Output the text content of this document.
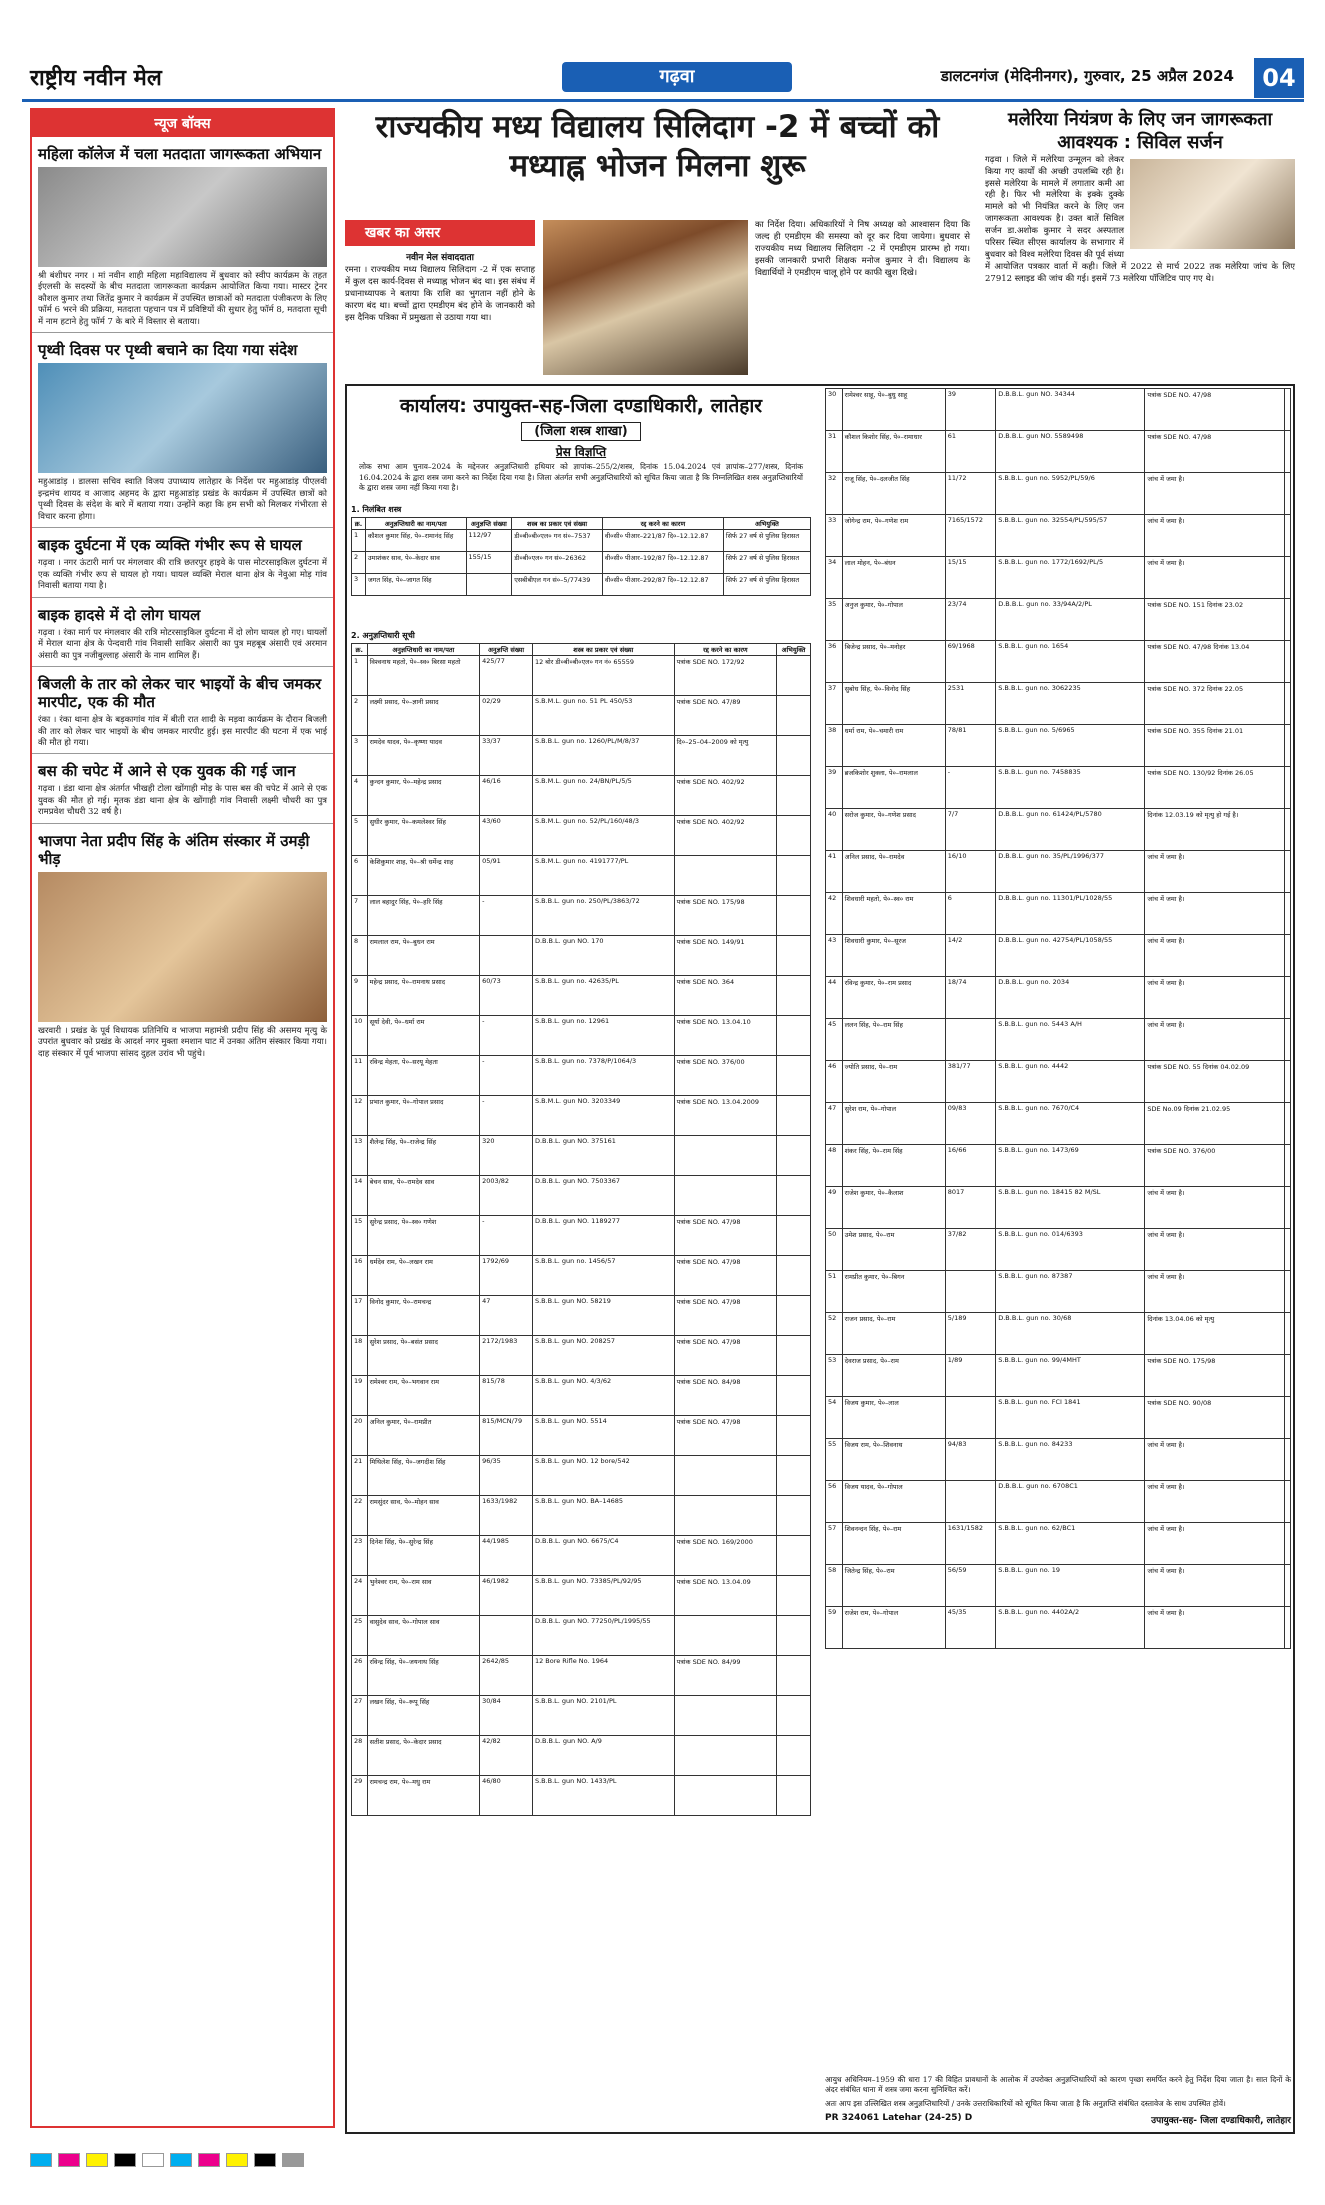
राष्ट्रीय नवीन मेल	गढ़वा	डालटनगंज (मेदिनीनगर), गुरुवार, 25 अप्रैल 2024	04
न्यूज बॉक्स
महिला कॉलेज में चला मतदाता जागरूकता अभियान

श्री बंशीधर नगर । मां नवीन शाही महिला महाविद्यालय में बुधवार को स्वीप कार्यक्रम के तहत ईएलसी के सदस्यों के बीच मतदाता जागरूकता कार्यक्रम आयोजित किया गया। मास्टर ट्रेनर कौशल कुमार तथा जितेंद्र कुमार ने कार्यक्रम में उपस्थित छात्राओं को मतदाता पंजीकरण के लिए फॉर्म 6 भरने की प्रक्रिया, मतदाता पहचान पत्र में प्रविष्टियों की सुधार हेतु फॉर्म 8, मतदाता सूची में नाम हटाने हेतु फॉर्म 7 के बारे में विस्तार से बताया।

पृथ्वी दिवस पर पृथ्वी बचाने का दिया गया संदेश

महुआडांड़ । डालसा सचिव स्वाति विजय उपाध्याय लातेहार के निर्देश पर महुआडांड़ पीएलवी इन्द्रमंच शायद व आजाद अहमद के द्वारा महुआडांड़ प्रखंड के कार्यक्रम में उपस्थित छात्रों को पृथ्वी दिवस के संदेश के बारे में बताया गया। उन्होंने कहा कि हम सभी को मिलकर गंभीरता से विचार करना होगा।

बाइक दुर्घटना में एक व्यक्ति गंभीर रूप से घायल

गढ़वा । नगर ऊंटारी मार्ग पर मंगलवार की रात्रि छतरपुर हाइवे के पास मोटरसाइकिल दुर्घटना में एक व्यक्ति गंभीर रूप से घायल हो गया। घायल व्यक्ति मेराल थाना क्षेत्र के नेवुआ मोड़ गांव निवासी बताया गया है।

बाइक हादसे में दो लोग घायल

गढ़वा । रंका मार्ग पर मंगलवार की रात्रि मोटरसाइकिल दुर्घटना में दो लोग घायल हो गए। घायलों में मेराल थाना क्षेत्र के पेन्दवारी गांव निवासी साकिर अंसारी का पुत्र महबूब अंसारी एवं अरमान अंसारी का पुत्र नजीबुल्लाह अंसारी के नाम शामिल हैं।

बिजली के तार को लेकर चार भाइयों के बीच जमकर मारपीट, एक की मौत

रंका । रंका थाना क्षेत्र के बड़कागांव गांव में बीती रात शादी के मड़वा कार्यक्रम के दौरान बिजली की तार को लेकर चार भाइयों के बीच जमकर मारपीट हुई। इस मारपीट की घटना में एक भाई की मौत हो गया।

बस की चपेट में आने से एक युवक की गई जान

गढ़वा । डंडा थाना क्षेत्र अंतर्गत भीखही टोला खोंगाही मोड़ के पास बस की चपेट में आने से एक युवक की मौत हो गई। मृतक डंडा थाना क्षेत्र के खोंगाही गांव निवासी लक्ष्मी चौधरी का पुत्र रामप्रवेश चौधरी 32 वर्ष है।

भाजपा नेता प्रदीप सिंह के अंतिम संस्कार में उमड़ी भीड़

खरवारी । प्रखंड के पूर्व विधायक प्रतिनिधि व भाजपा महामंत्री प्रदीप सिंह की असमय मृत्यु के उपरांत बुधवार को प्रखंड के आदर्श नगर मुक्ता श्मशान घाट में उनका अंतिम संस्कार किया गया। दाह संस्कार में पूर्व भाजपा सांसद दुहल उरांव भी पहुंचे।

राज्यकीय मध्य विद्यालय सिलिदाग -2 में बच्चों को मध्याह्न भोजन मिलना शुरू
खबर का असर
नवीन मेल संवाददाता

रमना । राज्यकीय मध्य विद्यालय सिलिदाग -2 में एक सप्ताह में कुल दस कार्य-दिवस से मध्याह्न भोजन बंद था। इस संबंध में प्रधानाध्यापक ने बताया कि राशि का भुगतान नहीं होने के कारण बंद था। बच्चों द्वारा एमडीएम बंद होने के जानकारी को इस दैनिक पत्रिका में प्रमुखता से उठाया गया था।

का निर्देश दिया। अधिकारियों ने निष अध्यक्ष को आश्वासन दिया कि जल्द ही एमडीएम की समस्या को दूर कर दिया जायेगा। बुधवार से राज्यकीय मध्य विद्यालय सिलिदाग -2 में एमडीएम प्रारम्भ हो गया। इसकी जानकारी प्रभारी शिक्षक मनोज कुमार ने दी। विद्यालय के विद्यार्थियों ने एमडीएम चालू होने पर काफी खुश दिखे।

मलेरिया नियंत्रण के लिए जन जागरूकता आवश्यक : सिविल सर्जन

गढ़वा । जिले में मलेरिया उन्मूलन को लेकर किया गए कार्यों की अच्छी उपलब्धि रही है। इससे मलेरिया के मामले में लगातार कमी आ रही है। फिर भी मलेरिया के इक्के दुक्के मामले को भी नियंत्रित करने के लिए जन जागरूकता आवश्यक है। उक्त बातें सिविल सर्जन डा.अशोक कुमार ने सदर अस्पताल परिसर स्थित सीएस कार्यालय के सभागार में बुधवार को विश्व मलेरिया दिवस की पूर्व संध्या में आयोजित पत्रकार वार्ता में कही। जिले में 2022 से मार्च 2022 तक मलेरिया जांच के लिए 27912 स्लाइड की जांच की गई। इसमें 73 मलेरिया पॉजिटिव पाए गए थे।

कार्यालय: उपायुक्त-सह-जिला दण्डाधिकारी, लातेहार
(जिला शस्त्र शाखा)
प्रेस विज्ञप्ति
लोक सभा आम चुनाव–2024 के मद्देनजर अनुज्ञप्तिधारी हथियार को ज्ञापांक–255/2/शस्त्र, दिनांक 15.04.2024 एवं ज्ञापांक–277/शस्त्र, दिनांक 16.04.2024 के द्वारा शस्त्र जमा करने का निर्देश दिया गया है। जिला अंतर्गत सभी अनुज्ञप्तिधारियों को सूचित किया जाता है कि निम्नलिखित शस्त्र अनुज्ञप्तिधारियों के द्वारा शस्त्र जमा नहीं किया गया है।
1. निलंबित शस्त्र
क्र.	अनुज्ञप्तिधारी का नाम/पता	अनुज्ञप्ति संख्या	शस्त्र का प्रकार एवं संख्या	रद्द करने का कारण	अभियुक्ति
1	कौशल कुमार सिंह, पे०–रामानंद सिंह	112/97	डी०बी०बी०एल० गन सं०–7537	वी०सी० पीआर–221/87 दि०–12.12.87	सिर्फ 27 वर्ष से पुलिस हिरासत
2	उमाशंकर साव, पे०–केदार साव	155/15	डी०बी०एल० गन सं०–26362	वी०सी० पीआर–192/87 दि०–12.12.87	सिर्फ 27 वर्ष से पुलिस हिरासत
3	जगत सिंह, पे०–जागत सिंह		एसबीबीएल गन सं०–5/77439	वी०सी० पीआर–292/87 दि०–12.12.87	सिर्फ 27 वर्ष से पुलिस हिरासत
2. अनुज्ञप्तिधारी सूची
क्र.	अनुज्ञप्तिधारी का नाम/पता	अनुज्ञप्ति संख्या	शस्त्र का प्रकार एवं संख्या	रद्द करने का कारण	अभियुक्ति
1	विश्वनाथ महतो, पे०–स्व० बिरसा महतो	425/77	12 बोर डी०बी०बी०एल० गन नं० 65559	पत्रांक SDE NO. 172/92	
2	लक्ष्मी प्रसाद, पे०–ज्ञानी प्रसाद	02/29	S.B.M.L. gun no. 51 PL 450/53	पत्रांक SDE NO. 47/89	
3	रामदेव यादव, पे०–कृष्णा यादव	33/37	S.B.B.L. gun no. 1260/PL/M/8/37	दि०–25–04–2009 को मृत्यु	
4	कुन्दन कुमार, पे०–महेन्द्र प्रसाद	46/16	S.B.M.L. gun no. 24/BN/PL/5/5	पत्रांक SDE NO. 402/92	
5	सुधीर कुमार, पे०–कमलेश्वर सिंह	43/60	S.B.M.L. gun no. 52/PL/160/48/3	पत्रांक SDE NO. 402/92	
6	केशिकुमार शाह, पे०–श्री धर्मेन्द्र शाह	05/91	S.B.M.L. gun no. 4191777/PL		
7	लाल बहादुर सिंह, पे०–हरि सिंह	-	S.B.B.L. gun no. 250/PL/3863/72	पत्रांक SDE NO. 175/98	
8	रामलाल राम, पे०–बुधन राम		D.B.B.L. gun NO. 170	पत्रांक SDE NO. 149/91	
9	महेन्द्र प्रसाद, पे०–रामनाथ प्रसाद	60/73	S.B.B.L. gun no. 42635/PL	पत्रांक SDE NO. 364	
10	सूर्या देवी, पे०–धर्मा राम	-	S.B.B.L. gun no. 12961	पत्रांक SDE NO. 13.04.10	
11	रविन्द्र मेहता, पे०–सरयू मेहता	-	S.B.B.L. gun no. 7378/P/1064/3	पत्रांक SDE NO. 376/00	
12	प्रभात कुमार, पे०–गोपाल प्रसाद	-	S.B.M.L. gun NO. 3203349	पत्रांक SDE NO. 13.04.2009	
13	शैलेन्द्र सिंह, पे०–राजेन्द्र सिंह	320	D.B.B.L. gun NO. 375161		
14	बेचन साव, पे०–रामदेव साव	2003/82	D.B.B.L. gun NO. 7503367		
15	सुरेन्द्र प्रसाद, पे०–स्व० गणेश	-	D.B.B.L. gun NO. 1189277	पत्रांक SDE NO. 47/98	
16	धर्मदेव राम, पे०–लखन राम	1792/69	S.B.B.L. gun no. 1456/57	पत्रांक SDE NO. 47/98	
17	विनोद कुमार, पे०–रामचन्द्र	47	S.B.B.L. gun NO. 58219	पत्रांक SDE NO. 47/98	
18	सुरेश प्रसाद, पे०–बसंत प्रसाद	2172/1983	S.B.B.L. gun NO. 208257	पत्रांक SDE NO. 47/98	
19	रामेश्वर राम, पे०–भगवान राम	815/78	S.B.B.L. gun NO. 4/3/62	पत्रांक SDE NO. 84/98	
20	अनिल कुमार, पे०–रामप्रीत	815/MCN/79	S.B.B.L. gun NO. 5514	पत्रांक SDE NO. 47/98	
21	मिथिलेश सिंह, पे०–जगदीश सिंह	96/35	S.B.B.L. gun NO. 12 bore/542		
22	रामसुंदर साव, पे०–मोहन साव	1633/1982	S.B.B.L. gun NO. BA–14685		
23	दिनेश सिंह, पे०–सुरेन्द्र सिंह	44/1985	D.B.B.L. gun NO. 6675/C4	पत्रांक SDE NO. 169/2000	
24	भुनेश्वर राम, पे०–राम साव	46/1982	S.B.B.L. gun NO. 73385/PL/92/95	पत्रांक SDE NO. 13.04.09	
25	वासुदेव साव, पे०–गोपाल साव		D.B.B.L. gun NO. 77250/PL/1995/55		
26	रविन्द्र सिंह, पे०–जयनाथ सिंह	2642/85	12 Bore Rifle No. 1964	पत्रांक SDE NO. 84/99	
27	लखन सिंह, पे०–रूपू सिंह	30/84	S.B.B.L. gun NO. 2101/PL		
28	सतीश प्रसाद, पे०–केदार प्रसाद	42/82	D.B.B.L. gun NO. A/9		
29	रामचन्द्र राम, पे०–मधु राम	46/80	S.B.B.L. gun NO. 1433/PL		
30	रामेश्वर साहू, पे०–बुधु साहू	39	D.B.B.L. gun NO. 34344	पत्रांक SDE NO. 47/98	
31	कौशल किशोर सिंह, पे०–रामाधार	61	D.B.B.L. gun NO. 5589498	पत्रांक SDE NO. 47/98	
32	राजू सिंह, पे०–दलजीत सिंह	11/72	S.B.B.L. gun no. 5952/PL/59/6	जांच में जमा है।	
33	जोगेन्द्र राम, पे०–गणेश राम	7165/1572	S.B.B.L. gun no. 32554/PL/595/57	जांच में जमा है।	
34	लाल मोहन, पे०–बंधन	15/15	S.B.B.L. gun no. 1772/1692/PL/5	जांच में जमा है।	
35	अनुज कुमार, पे०–गोपाल	23/74	D.B.B.L. gun no. 33/94A/2/PL	पत्रांक SDE NO. 151 दिनांक 23.02	
36	बिजेन्द्र प्रसाद, पे०–मनोहर	69/1968	S.B.B.L. gun no. 1654	पत्रांक SDE NO. 47/98 दिनांक 13.04	
37	सुबोध सिंह, पे०–विनोद सिंह	2531	S.B.B.L. gun no. 3062235	पत्रांक SDE NO. 372 दिनांक 22.05	
38	धर्मा राम, पे०–चमारी राम	78/81	S.B.B.L. gun no. 5/6965	पत्रांक SDE NO. 355 दिनांक 21.01	
39	ब्रजकिशोर शुक्ला, पे०–रामलाल	-	S.B.B.L. gun no. 7458835	पत्रांक SDE NO. 130/92 दिनांक 26.05	
40	सरोज कुमार, पे०–गणेश प्रसाद	7/7	D.B.B.L. gun no. 61424/PL/5780	दिनांक 12.03.19 को मृत्यु हो गई है।	
41	अनिल प्रसाद, पे०–रामदेव	16/10	D.B.B.L. gun no. 35/PL/1996/377	जांच में जमा है।	
42	शिवधारी महतो, पे०–स्व० राम	6	D.B.B.L. gun no. 11301/PL/1028/55	जांच में जमा है।	
43	शिवधारी कुमार, पे०–सूरज	14/2	D.B.B.L. gun no. 42754/PL/1058/55	जांच में जमा है।	
44	रविन्द्र कुमार, पे०–राम प्रसाद	18/74	D.B.B.L. gun no. 2034	जांच में जमा है।	
45	ललन सिंह, पे०–राम सिंह		S.B.B.L. gun no. 5443 A/H	जांच में जमा है।	
46	ज्योति प्रसाद, पे०–राम	381/77	S.B.B.L. gun no. 4442	पत्रांक SDE NO. 55 दिनांक 04.02.09	
47	सुरेश राम, पे०–गोपाल	09/83	S.B.B.L. gun no. 7670/C4	SDE No.09 दिनांक 21.02.95	
48	शंकर सिंह, पे०–राम सिंह	16/66	S.B.B.L. gun no. 1473/69	पत्रांक SDE NO. 376/00	
49	राजेश कुमार, पे०–कैलाश	8017	S.B.B.L. gun no. 18415 82 M/SL	जांच में जमा है।	
50	उमेश प्रसाद, पे०–राम	37/82	S.B.B.L. gun no. 014/6393	जांच में जमा है।	
51	रामप्रीत कुमार, पे०–बिगन		S.B.B.L. gun no. 87387	जांच में जमा है।	
52	राजन प्रसाद, पे०–राम	5/189	D.B.B.L. gun no. 30/68	दिनांक 13.04.06 को मृत्यु	
53	देवराज प्रसाद, पे०–राम	1/89	S.B.B.L. gun no. 99/4MHT	पत्रांक SDE NO. 175/98	
54	विजय कुमार, पे०–लाल		S.B.B.L. gun no. FCI 1841	पत्रांक SDE NO. 90/08	
55	विजय राम, पे०–शिवनाथ	94/83	S.B.B.L. gun no. 84233	जांच में जमा है।	
56	विजय यादव, पे०–गोपाल		D.B.B.L. gun no. 6708C1	जांच में जमा है।	
57	शिवनन्दन सिंह, पे०–राम	1631/1582	S.B.B.L. gun no. 62/BC1	जांच में जमा है।	
58	जितेन्द्र सिंह, पे०–राम	56/59	S.B.B.L. gun no. 19	जांच में जमा है।	
59	राजेश राम, पे०–गोपाल	45/35	S.B.B.L. gun no. 4402A/2	जांच में जमा है।	

आयुध अधिनियम–1959 की धारा 17 की विहित प्रावधानों के आलोक में उपरोक्त अनुज्ञप्तिधारियों को कारण पृच्छा समर्पित करने हेतु निर्देश दिया जाता है। सात दिनों के अंदर संबंधित थाना में शस्त्र जमा करना सुनिश्चित करें।

अतः आप इस उल्लिखित शस्त्र अनुज्ञप्तिधारियों / उनके उत्तराधिकारियों को सूचित किया जाता है कि अनुज्ञप्ति संबंधित दस्तावेज के साथ उपस्थित होवें।

PR 324061 Latehar (24-25) D	उपायुक्त-सह- जिला दण्डाधिकारी, लातेहार
